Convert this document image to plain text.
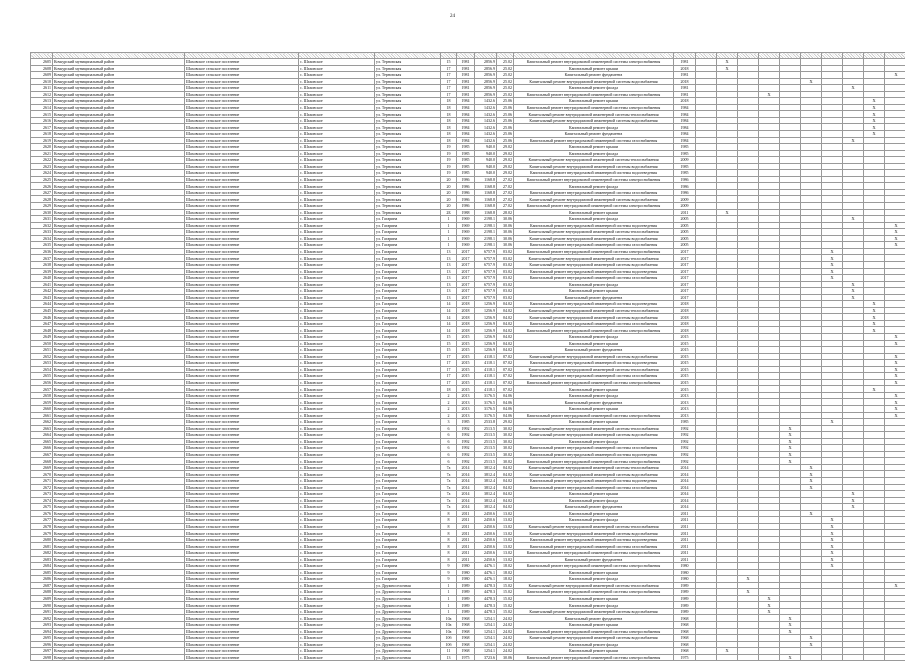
24

2605	Кочкурский муниципальный район	Шаховское сельское поселение	с. Шаховское	ул. Терновская	15	1981	2856.9	25.02	Капитальный ремонт внутридомовой инженерной системы электроснабжения	1981		X								
2608	Кочкурский муниципальный район	Шаховское сельское поселение	с. Шаховское	ул. Терновская	17	1981	2856.9	25.02	Капитальный ремонт крыши	2018		X								
2609	Кочкурский муниципальный район	Шаховское сельское поселение	с. Шаховское	ул. Терновская	17	1981	2856.9	25.02	Капитальный ремонт фундамента	1981										X
2610	Кочкурский муниципальный район	Шаховское сельское поселение	с. Шаховское	ул. Терновская	17	1981	2856.9	25.02	Капитальный ремонт внутридомовой инженерной системы водоснабжения	2018						X				
2611	Кочкурский муниципальный район	Шаховское сельское поселение	с. Шаховское	ул. Терновская	17	1981	2856.9	25.02	Капитальный ремонт фасада	1981								X		
2612	Кочкурский муниципальный район	Шаховское сельское поселение	с. Шаховское	ул. Терновская	17	1981	2856.9	25.02	Капитальный ремонт внутридомовой инженерной системы электроснабжения	1981				X						
2613	Кочкурский муниципальный район	Шаховское сельское поселение	с. Шаховское	ул. Терновская	18	1984	1432.6	25.06	Капитальный ремонт крыши	2018									X	
2614	Кочкурский муниципальный район	Шаховское сельское поселение	с. Шаховское	ул. Терновская	18	1984	1432.6	25.06	Капитальный ремонт внутридомовой инженерной системы электроснабжения	1984									X	
2615	Кочкурский муниципальный район	Шаховское сельское поселение	с. Шаховское	ул. Терновская	18	1984	1432.6	25.06	Капитальный ремонт внутридомовой инженерной системы теплоснабжения	1984									X	
2616	Кочкурский муниципальный район	Шаховское сельское поселение	с. Шаховское	ул. Терновская	18	1984	1432.6	25.06	Капитальный ремонт внутридомовой инженерной системы водоснабжения	1984									X	
2617	Кочкурский муниципальный район	Шаховское сельское поселение	с. Шаховское	ул. Терновская	18	1984	1432.6	25.06	Капитальный ремонт фасада	1984									X	
2618	Кочкурский муниципальный район	Шаховское сельское поселение	с. Шаховское	ул. Терновская	18	1984	1432.6	25.06	Капитальный ремонт фундамента	1984									X	
2619	Кочкурский муниципальный район	Шаховское сельское поселение	с. Шаховское	ул. Терновская	18	1984	1432.6	25.06	Капитальный ремонт внутридомовой инженерной системы газоснабжения	1984								X		
2620	Кочкурский муниципальный район	Шаховское сельское поселение	с. Шаховское	ул. Терновская	19	1985	940.0	29.02	Капитальный ремонт крыши	1985										
2621	Кочкурский муниципальный район	Шаховское сельское поселение	с. Шаховское	ул. Терновская	19	1985	940.0	29.02	Капитальный ремонт фасада	1985										
2622	Кочкурский муниципальный район	Шаховское сельское поселение	с. Шаховское	ул. Терновская	19	1985	940.0	29.02	Капитальный ремонт внутридомовой инженерной системы теплоснабжения	2009										
2623	Кочкурский муниципальный район	Шаховское сельское поселение	с. Шаховское	ул. Терновская	19	1985	940.0	29.02	Капитальный ремонт внутридомовой инженерной системы водоснабжения	1985										
2624	Кочкурский муниципальный район	Шаховское сельское поселение	с. Шаховское	ул. Терновская	19	1985	940.0	29.02	Капитальный ремонт внутридомовой инженерной системы водоотведения	1985										
2625	Кочкурский муниципальный район	Шаховское сельское поселение	с. Шаховское	ул. Терновская	20	1986	1168.8	27.02	Капитальный ремонт внутридомовой инженерной системы электроснабжения	1986										
2626	Кочкурский муниципальный район	Шаховское сельское поселение	с. Шаховское	ул. Терновская	20	1986	1168.8	27.02	Капитальный ремонт фасада	1986										
2627	Кочкурский муниципальный район	Шаховское сельское поселение	с. Шаховское	ул. Терновская	20	1986	1168.8	27.02	Капитальный ремонт внутридомовой инженерной системы газоснабжения	1986										
2628	Кочкурский муниципальный район	Шаховское сельское поселение	с. Шаховское	ул. Терновская	20	1986	1168.8	27.02	Капитальный ремонт внутридомовой инженерной системы водоснабжения	2009										
2629	Кочкурский муниципальный район	Шаховское сельское поселение	с. Шаховское	ул. Терновская	20	1986	1168.8	27.02	Капитальный ремонт внутридомовой инженерной системы электроснабжения	2009										
2630	Кочкурский муниципальный район	Шаховское сельское поселение	с. Шаховское	ул. Терновская	2Б	1988	1168.8	28.02	Капитальный ремонт крыши	2011		X								
2631	Кочкурский муниципальный район	Шаховское сельское поселение	с. Шаховское	ул. Гагарина	1	1969	2198.1	30.06	Капитальный ремонт фасада	2005								X		
2632	Кочкурский муниципальный район	Шаховское сельское поселение	с. Шаховское	ул. Гагарина	1	1969	2198.1	30.06	Капитальный ремонт внутридомовой инженерной системы водоотведения	2005										X
2633	Кочкурский муниципальный район	Шаховское сельское поселение	с. Шаховское	ул. Гагарина	1	1969	2198.1	30.06	Капитальный ремонт внутридомовой инженерной системы теплоснабжения	2005										X
2634	Кочкурский муниципальный район	Шаховское сельское поселение	с. Шаховское	ул. Гагарина	1	1969	2198.1	30.06	Капитальный ремонт внутридомовой инженерной системы водоснабжения	2005										X
2635	Кочкурский муниципальный район	Шаховское сельское поселение	с. Шаховское	ул. Гагарина	1	1969	2198.1	30.06	Капитальный ремонт внутридомовой инженерной системы газоснабжения	2005										X
2636	Кочкурский муниципальный район	Шаховское сельское поселение	с. Шаховское	ул. Гагарина	13	2017	6757.9	03.02	Капитальный ремонт внутридомовой инженерной системы электроснабжения	2017							X			
2637	Кочкурский муниципальный район	Шаховское сельское поселение	с. Шаховское	ул. Гагарина	13	2017	6757.9	03.02	Капитальный ремонт внутридомовой инженерной системы теплоснабжения	2017							X			
2638	Кочкурский муниципальный район	Шаховское сельское поселение	с. Шаховское	ул. Гагарина	13	2017	6757.9	03.02	Капитальный ремонт внутридомовой инженерной системы водоснабжения	2017							X			
2639	Кочкурский муниципальный район	Шаховское сельское поселение	с. Шаховское	ул. Гагарина	13	2017	6757.9	03.02	Капитальный ремонт внутридомовой инженерной системы водоотведения	2017							X			
2640	Кочкурский муниципальный район	Шаховское сельское поселение	с. Шаховское	ул. Гагарина	13	2017	6757.9	03.02	Капитальный ремонт внутридомовой инженерной системы газоснабжения	2017							X			
2641	Кочкурский муниципальный район	Шаховское сельское поселение	с. Шаховское	ул. Гагарина	13	2017	6757.9	03.02	Капитальный ремонт фасада	2017								X		
2642	Кочкурский муниципальный район	Шаховское сельское поселение	с. Шаховское	ул. Гагарина	13	2017	6757.9	03.02	Капитальный ремонт крыши	2017								X		
2643	Кочкурский муниципальный район	Шаховское сельское поселение	с. Шаховское	ул. Гагарина	13	2017	6757.9	03.02	Капитальный ремонт фундамента	2017								X		
2644	Кочкурский муниципальный район	Шаховское сельское поселение	с. Шаховское	ул. Гагарина	14	2018	1256.9	04.02	Капитальный ремонт внутридомовой инженерной системы водоотведения	2018									X	
2645	Кочкурский муниципальный район	Шаховское сельское поселение	с. Шаховское	ул. Гагарина	14	2018	1256.9	04.02	Капитальный ремонт внутридомовой инженерной системы теплоснабжения	2018									X	
2646	Кочкурский муниципальный район	Шаховское сельское поселение	с. Шаховское	ул. Гагарина	14	2018	1256.9	04.02	Капитальный ремонт внутридомовой инженерной системы водоснабжения	2018									X	
2647	Кочкурский муниципальный район	Шаховское сельское поселение	с. Шаховское	ул. Гагарина	14	2018	1256.9	04.02	Капитальный ремонт внутридомовой инженерной системы газоснабжения	2018									X	
2648	Кочкурский муниципальный район	Шаховское сельское поселение	с. Шаховское	ул. Гагарина	14	2018	1256.9	04.02	Капитальный ремонт внутридомовой инженерной системы электроснабжения	2018									X	
2649	Кочкурский муниципальный район	Шаховское сельское поселение	с. Шаховское	ул. Гагарина	15	2015	1256.9	04.02	Капитальный ремонт фасада	2015										X
2650	Кочкурский муниципальный район	Шаховское сельское поселение	с. Шаховское	ул. Гагарина	15	2015	1256.9	04.02	Капитальный ремонт крыши	2015										X
2651	Кочкурский муниципальный район	Шаховское сельское поселение	с. Шаховское	ул. Гагарина	15	2015	1256.9	04.02	Капитальный ремонт фундамента	2015										
2652	Кочкурский муниципальный район	Шаховское сельское поселение	с. Шаховское	ул. Гагарина	17	2015	4118.1	07.02	Капитальный ремонт внутридомовой инженерной системы водоснабжения	2015										X
2653	Кочкурский муниципальный район	Шаховское сельское поселение	с. Шаховское	ул. Гагарина	17	2015	4118.1	07.02	Капитальный ремонт внутридомовой инженерной системы водоотведения	2015										X
2654	Кочкурский муниципальный район	Шаховское сельское поселение	с. Шаховское	ул. Гагарина	17	2015	4118.1	07.02	Капитальный ремонт внутридомовой инженерной системы теплоснабжения	2015										X
2655	Кочкурский муниципальный район	Шаховское сельское поселение	с. Шаховское	ул. Гагарина	17	2015	4118.1	07.02	Капитальный ремонт внутридомовой инженерной системы газоснабжения	2015										X
2656	Кочкурский муниципальный район	Шаховское сельское поселение	с. Шаховское	ул. Гагарина	17	2015	4118.1	07.02	Капитальный ремонт внутридомовой инженерной системы электроснабжения	2015										X
2657	Кочкурский муниципальный район	Шаховское сельское поселение	с. Шаховское	ул. Гагарина	18	2015	4118.1	07.02	Капитальный ремонт крыши	2015									X	
2658	Кочкурский муниципальный район	Шаховское сельское поселение	с. Шаховское	ул. Гагарина	2	2013	3176.5	04.06	Капитальный ремонт фасада	2013										X
2659	Кочкурский муниципальный район	Шаховское сельское поселение	с. Шаховское	ул. Гагарина	2	2013	3176.5	04.06	Капитальный ремонт фундамента	2013										X
2660	Кочкурский муниципальный район	Шаховское сельское поселение	с. Шаховское	ул. Гагарина	2	2013	3176.5	04.06	Капитальный ремонт крыши	2013										X
2661	Кочкурский муниципальный район	Шаховское сельское поселение	с. Шаховское	ул. Гагарина	2	2013	3176.5	04.06	Капитальный ремонт внутридомовой инженерной системы электроснабжения	2013										X
2662	Кочкурский муниципальный район	Шаховское сельское поселение	с. Шаховское	ул. Гагарина	3	1985	2533.8	29.02	Капитальный ремонт крыши	1985							X			
2663	Кочкурский муниципальный район	Шаховское сельское поселение	с. Шаховское	ул. Гагарина	6	1992	2513.5	30.02	Капитальный ремонт внутридомовой инженерной системы теплоснабжения	1992					X					
2664	Кочкурский муниципальный район	Шаховское сельское поселение	с. Шаховское	ул. Гагарина	6	1992	2513.5	30.02	Капитальный ремонт внутридомовой инженерной системы водоснабжения	1992					X					
2665	Кочкурский муниципальный район	Шаховское сельское поселение	с. Шаховское	ул. Гагарина	6	1992	2513.5	30.02	Капитальный ремонт фасада	1992					X					
2666	Кочкурский муниципальный район	Шаховское сельское поселение	с. Шаховское	ул. Гагарина	6	1992	2513.5	30.02	Капитальный ремонт внутридомовой инженерной системы газоснабжения	1992					X					
2667	Кочкурский муниципальный район	Шаховское сельское поселение	с. Шаховское	ул. Гагарина	6	1992	2513.5	30.02	Капитальный ремонт внутридомовой инженерной системы водоотведения	1992					X					
2668	Кочкурский муниципальный район	Шаховское сельское поселение	с. Шаховское	ул. Гагарина	6	1992	2513.5	30.02	Капитальный ремонт внутридомовой инженерной системы электроснабжения	1992					X					
2669	Кочкурский муниципальный район	Шаховское сельское поселение	с. Шаховское	ул. Гагарина	7а	2014	3812.4	04.02	Капитальный ремонт внутридомовой инженерной системы теплоснабжения	2014						X				
2670	Кочкурский муниципальный район	Шаховское сельское поселение	с. Шаховское	ул. Гагарина	7а	2014	3812.4	04.02	Капитальный ремонт внутридомовой инженерной системы водоснабжения	2014						X				
2671	Кочкурский муниципальный район	Шаховское сельское поселение	с. Шаховское	ул. Гагарина	7а	2014	3812.4	04.02	Капитальный ремонт внутридомовой инженерной системы водоотведения	2014						X				
2672	Кочкурский муниципальный район	Шаховское сельское поселение	с. Шаховское	ул. Гагарина	7а	2014	3812.4	04.02	Капитальный ремонт внутридомовой инженерной системы газоснабжения	2014						X				
2673	Кочкурский муниципальный район	Шаховское сельское поселение	с. Шаховское	ул. Гагарина	7а	2014	3812.4	04.02	Капитальный ремонт крыши	2014								X		
2674	Кочкурский муниципальный район	Шаховское сельское поселение	с. Шаховское	ул. Гагарина	7а	2014	3812.4	04.02	Капитальный ремонт фасада	2014								X		
2675	Кочкурский муниципальный район	Шаховское сельское поселение	с. Шаховское	ул. Гагарина	7а	2014	3812.4	04.02	Капитальный ремонт фундамента	2014								X		
2676	Кочкурский муниципальный район	Шаховское сельское поселение	с. Шаховское	ул. Гагарина	8	2011	2450.6	13.02	Капитальный ремонт крыши	2011						X				
2677	Кочкурский муниципальный район	Шаховское сельское поселение	с. Шаховское	ул. Гагарина	8	2011	2450.6	13.02	Капитальный ремонт фасада	2011							X			
2678	Кочкурский муниципальный район	Шаховское сельское поселение	с. Шаховское	ул. Гагарина	8	2011	2450.6	13.02	Капитальный ремонт внутридомовой инженерной системы теплоснабжения	2011							X			
2679	Кочкурский муниципальный район	Шаховское сельское поселение	с. Шаховское	ул. Гагарина	8	2011	2450.6	13.02	Капитальный ремонт внутридомовой инженерной системы водоснабжения	2011							X			
2680	Кочкурский муниципальный район	Шаховское сельское поселение	с. Шаховское	ул. Гагарина	8	2011	2450.6	13.02	Капитальный ремонт внутридомовой инженерной системы водоотведения	2011							X			
2681	Кочкурский муниципальный район	Шаховское сельское поселение	с. Шаховское	ул. Гагарина	8	2011	2450.6	13.02	Капитальный ремонт внутридомовой инженерной системы газоснабжения	2011							X			
2682	Кочкурский муниципальный район	Шаховское сельское поселение	с. Шаховское	ул. Гагарина	8	2011	2450.6	13.02	Капитальный ремонт внутридомовой инженерной системы электроснабжения	2011							X			
2683	Кочкурский муниципальный район	Шаховское сельское поселение	с. Шаховское	ул. Гагарина	8	2011	2450.6	13.02	Капитальный ремонт фундамента	2011							X			
2684	Кочкурский муниципальный район	Шаховское сельское поселение	с. Шаховское	ул. Гагарина	9	1980	4476.1	18.02	Капитальный ремонт внутридомовой инженерной системы электроснабжения	1980							X			
2685	Кочкурский муниципальный район	Шаховское сельское поселение	с. Шаховское	ул. Гагарина	9	1980	4476.1	18.02	Капитальный ремонт крыши	1980										
2686	Кочкурский муниципальный район	Шаховское сельское поселение	с. Шаховское	ул. Гагарина	9	1980	4476.1	18.02	Капитальный ремонт фасада	1980			X							
2687	Кочкурский муниципальный район	Шаховское сельское поселение	с. Шаховское	ул. Дружноселочная	1	1989	4478.3	15.02	Капитальный ремонт внутридомовой инженерной системы теплоснабжения	1989										X
2688	Кочкурский муниципальный район	Шаховское сельское поселение	с. Шаховское	ул. Дружноселочная	1	1989	4478.3	15.02	Капитальный ремонт внутридомовой инженерной системы электроснабжения	1989			X							
2689	Кочкурский муниципальный район	Шаховское сельское поселение	с. Шаховское	ул. Дружноселочная	1	1989	4478.3	15.02	Капитальный ремонт крыши	1989				X						
2690	Кочкурский муниципальный район	Шаховское сельское поселение	с. Шаховское	ул. Дружноселочная	1	1989	4478.3	15.02	Капитальный ремонт фасада	1989				X						
2691	Кочкурский муниципальный район	Шаховское сельское поселение	с. Шаховское	ул. Дружноселочная	1	1989	4478.3	15.02	Капитальный ремонт внутридомовой инженерной системы водоснабжения	1989				X						
2692	Кочкурский муниципальный район	Шаховское сельское поселение	с. Шаховское	ул. Дружноселочная	10а	1968	1254.1	24.02	Капитальный ремонт фундамента	1968					X					
2693	Кочкурский муниципальный район	Шаховское сельское поселение	с. Шаховское	ул. Дружноселочная	10а	1968	1254.1	24.02	Капитальный ремонт крыши	1968					X					
2694	Кочкурский муниципальный район	Шаховское сельское поселение	с. Шаховское	ул. Дружноселочная	10а	1968	1254.1	24.02	Капитальный ремонт внутридомовой инженерной системы электроснабжения	1968					X					
2695	Кочкурский муниципальный район	Шаховское сельское поселение	с. Шаховское	ул. Дружноселочная	10б	1968	1254.1	24.02	Капитальный ремонт внутридомовой инженерной системы водоснабжения	1968						X				
2696	Кочкурский муниципальный район	Шаховское сельское поселение	с. Шаховское	ул. Дружноселочная	10б	1968	1254.1	24.02	Капитальный ремонт фасада	1968						X				
2697	Кочкурский муниципальный район	Шаховское сельское поселение	с. Шаховское	ул. Дружноселочная	11	1968	1254.1	24.02	Капитальный ремонт крыши	1968		X								
2698	Кочкурский муниципальный район	Шаховское сельское поселение	с. Шаховское	ул. Дружноселочная	13	1975	3723.6	30.06	Капитальный ремонт внутридомовой инженерной системы электроснабжения	1975					X					
